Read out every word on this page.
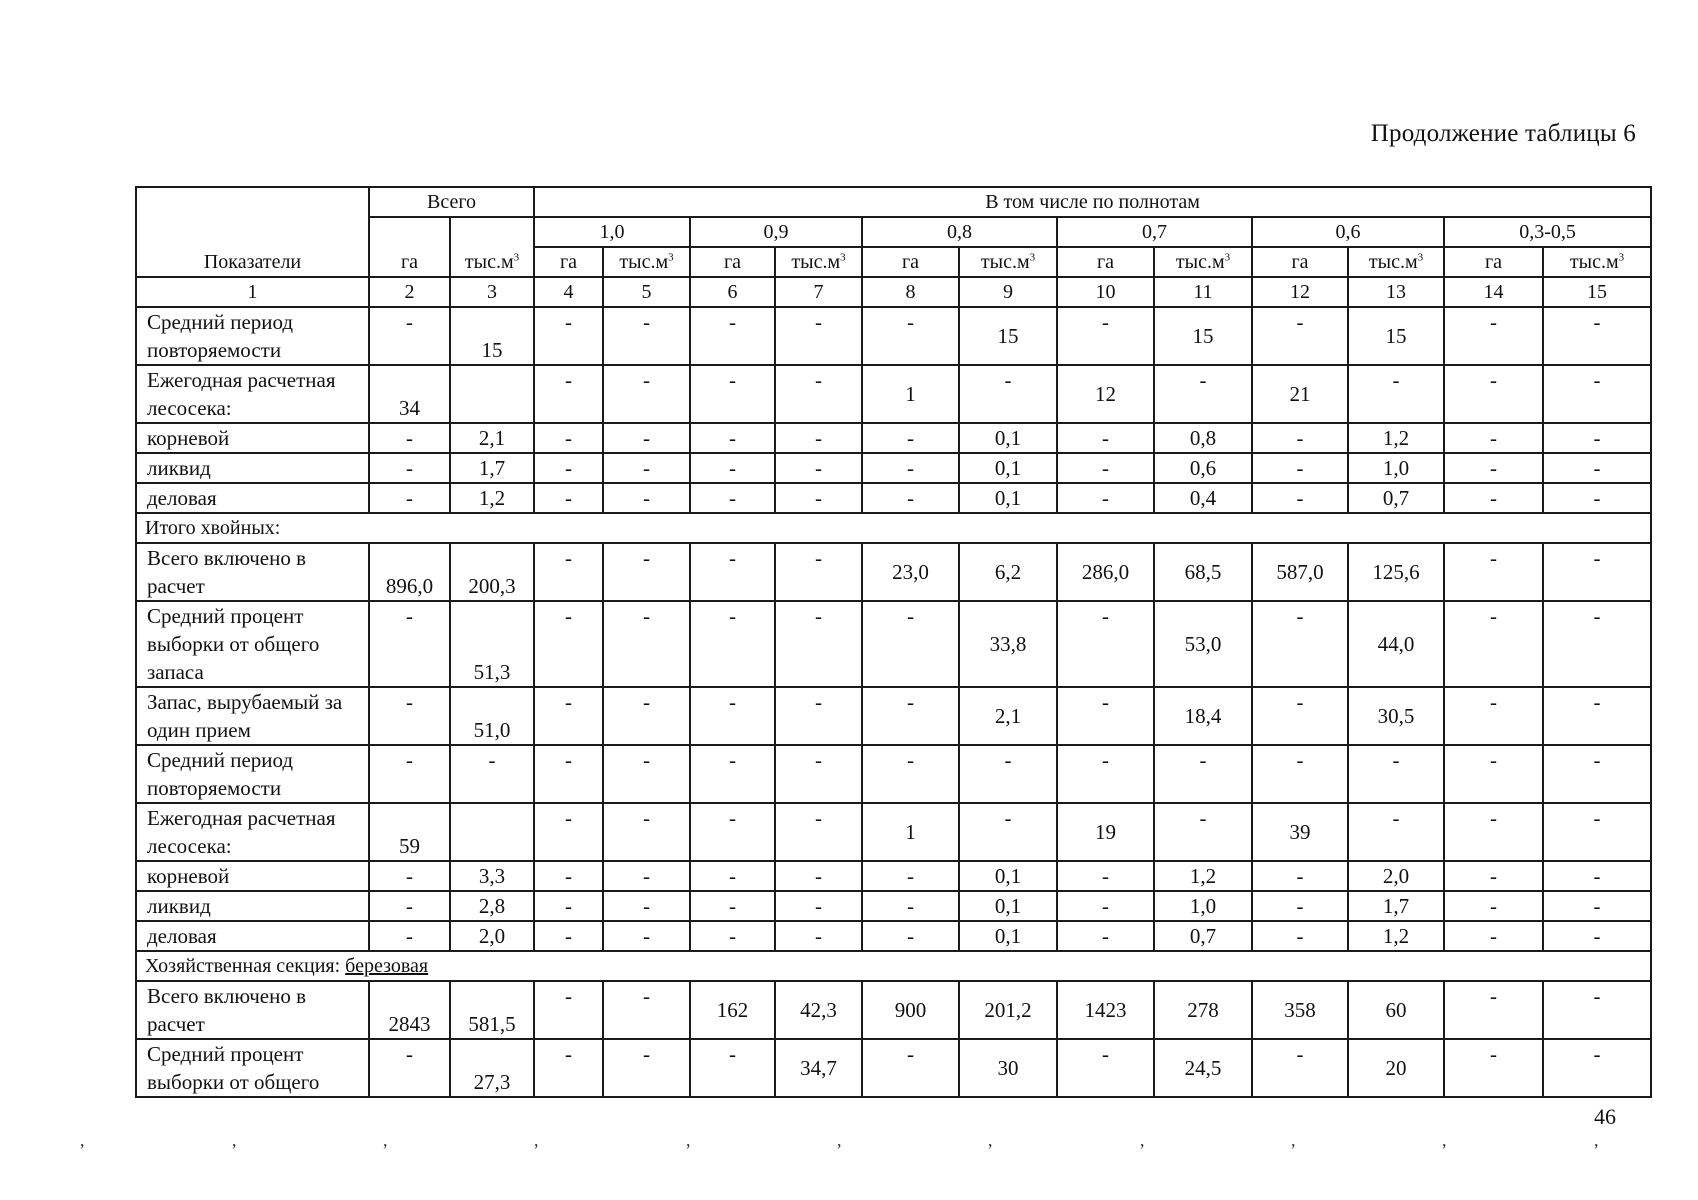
Продолжение таблицы 6
Показатели	Всего		В том числе по полнотам											
	га	$тыс.м^3$	1,0		0,9		0,8		0,7		0,6		0,3-0,5	
			га	$тыс.м^3$	га	$тыс.м^3$	га	$тыс.м^3$	га	$тыс.м^3$	га	$тыс.м^3$	га	$тыс.м^3$
1	2	3	4	5	6	7	8	9	10	11	12	13	14	15
Средний период повторяемости	-	15	-	-	-	-	-	15	-	15	-	15	-	-
Ежегодная расчетная лесосека:	34		-	-	-	-	1	-	12	-	21	-	-	-
корневой	-	2,1	-	-	-	-	-	0,1	-	0,8	-	1,2	-	-
ликвид	-	1,7	-	-	-	-	-	0,1	-	0,6	-	1,0	-	-
деловая	-	1,2	-	-	-	-	-	0,1	-	0,4	-	0,7	-	-
Итого хвойных:														
Всего включено в расчет	896,0	200,3	-	-	-	-	23,0	6,2	286,0	68,5	587,0	125,6	-	-
Средний процент выборки от общего запаса	-	51,3	-	-	-	-	-	33,8	-	53,0	-	44,0	-	-
Запас, вырубаемый за один прием	-	51,0	-	-	-	-	-	2,1	-	18,4	-	30,5	-	-
Средний период повторяемости	-	-	-	-	-	-	-	-	-	-	-	-	-	-
Ежегодная расчетная лесосека:	59		-	-	-	-	1	-	19	-	39	-	-	-
корневой	-	3,3	-	-	-	-	-	0,1	-	1,2	-	2,0	-	-
ликвид	-	2,8	-	-	-	-	-	0,1	-	1,0	-	1,7	-	-
деловая	-	2,0	-	-	-	-	-	0,1	-	0,7	-	1,2	-	-
Хозяйственная секция: березовая														
Всего включено в расчет	2843	581,5	-	-	162	42,3	900	201,2	1423	278	358	60	-	-
Средний процент выборки от общего	-	27,3	-	-	-	34,7	-	30	-	24,5	-	20	-	-
46
,	,	,	,	,	,	,	,	,	,	,
